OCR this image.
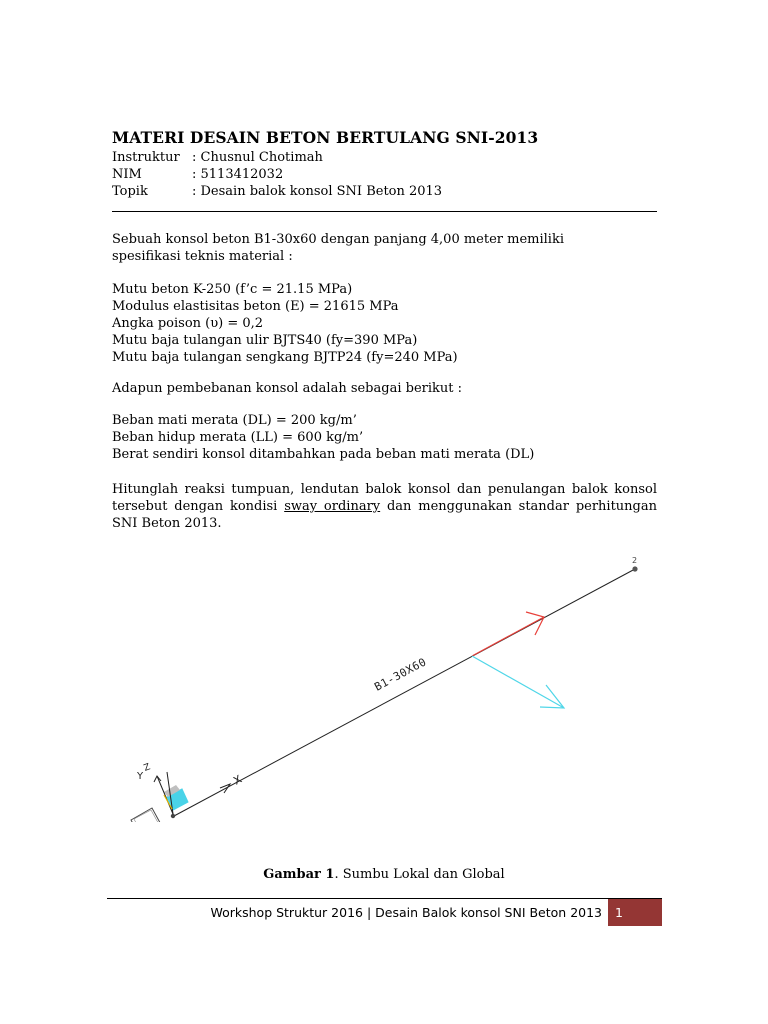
MATERI DESAIN BETON BERTULANG SNI-2013
Instruktur : Chusnul Chotimah
NIM	: 5113412032
Topik	: Desain balok konsol SNI Beton 2013
Sebuah konsol beton B1-30x60 dengan panjang 4,00 meter memiliki spesifikasi teknis material :
Mutu beton K-250 (f’c = 21.15 MPa)
Modulus elastisitas beton (E) = 21615 MPa
Angka poison (υ) = 0,2
Mutu baja tulangan ulir BJTS40 (fy=390 MPa)
Mutu baja tulangan sengkang BJTP24 (fy=240 MPa)
Adapun pembebanan konsol adalah sebagai berikut :
Beban mati merata (DL) = 200 kg/m’
Beban hidup merata (LL) = 600 kg/m’
Berat sendiri konsol ditambahkan pada beban mati merata (DL)
Hitunglah reaksi tumpuan, lendutan balok konsol dan penulangan balok konsol tersebut dengan kondisi sway ordinary dan menggunakan standar perhitungan SNI Beton 2013.
2
B1-30X60
X
Y
Z
Gambar 1. Sumbu Lokal dan Global
Workshop Struktur 2016 | Desain Balok konsol SNI Beton 2013	1
